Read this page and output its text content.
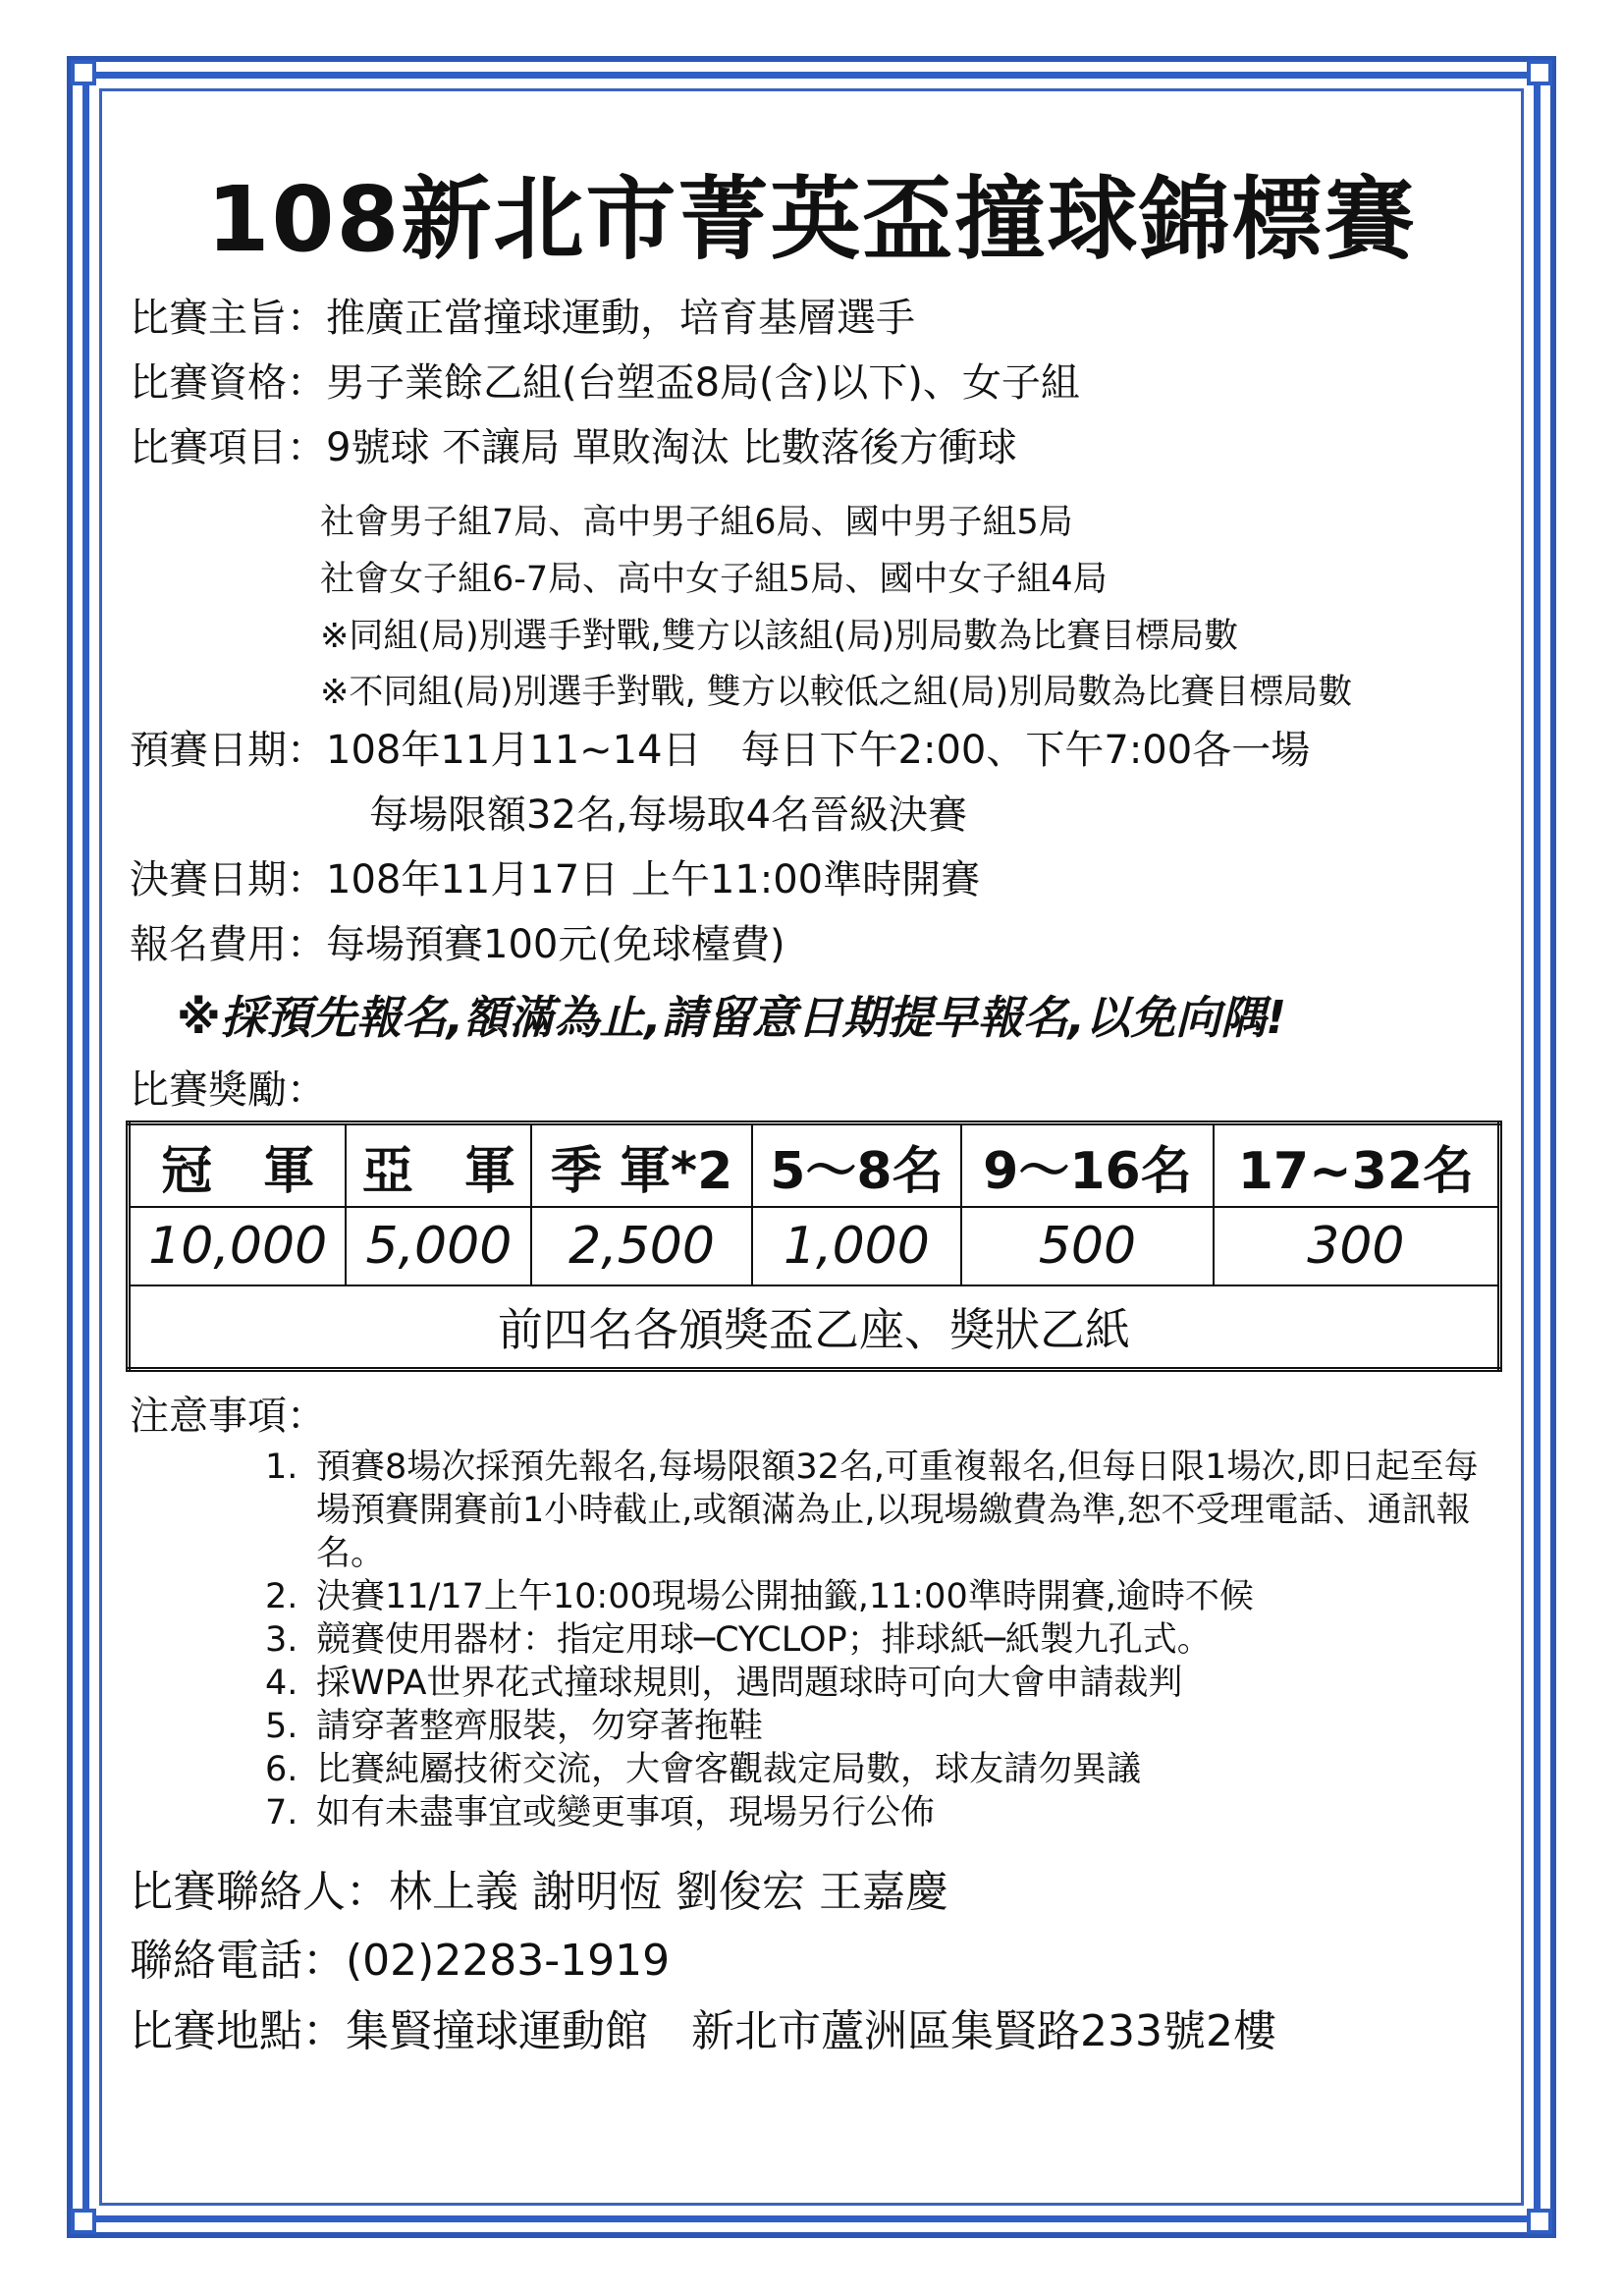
108新北市菁英盃撞球錦標賽
比賽主旨：推廣正當撞球運動，培育基層選手
比賽資格：男子業餘乙組(台塑盃8局(含)以下)、女子組
比賽項目：9號球 不讓局 單敗淘汰 比數落後方衝球
社會男子組7局、高中男子組6局、國中男子組5局
社會女子組6-7局、高中女子組5局、國中女子組4局
※同組(局)別選手對戰,雙方以該組(局)別局數為比賽目標局數
※不同組(局)別選手對戰, 雙方以較低之組(局)別局數為比賽目標局數
預賽日期：108年11月11~14日　每日下午2:00、下午7:00各一場
每場限額32名,每場取4名晉級決賽
決賽日期：108年11月17日 上午11:00準時開賽
報名費用：每場預賽100元(免球檯費)
※採預先報名,額滿為止,請留意日期提早報名,以免向隅!
比賽獎勵：
冠　軍	亞　軍	季 軍*2	5～8名	9～16名	17~32名
10,000	5,000	2,500	1,000	500	300
前四名各頒獎盃乙座、獎狀乙紙					
注意事項：
1. 預賽8場次採預先報名,每場限額32名,可重複報名,但每日限1場次,即日起至每場預賽開賽前1小時截止,或額滿為止,以現場繳費為準,恕不受理電話、通訊報名。
2. 決賽11/17上午10:00現場公開抽籤,11:00準時開賽,逾時不候
3. 競賽使用器材：指定用球─CYCLOP；排球紙─紙製九孔式。
4. 採WPA世界花式撞球規則，遇問題球時可向大會申請裁判
5. 請穿著整齊服裝，勿穿著拖鞋
6. 比賽純屬技術交流，大會客觀裁定局數，球友請勿異議
7. 如有未盡事宜或變更事項，現場另行公佈
比賽聯絡人：林上義 謝明恆 劉俊宏 王嘉慶
聯絡電話：(02)2283-1919
比賽地點：集賢撞球運動館　新北市蘆洲區集賢路233號2樓
